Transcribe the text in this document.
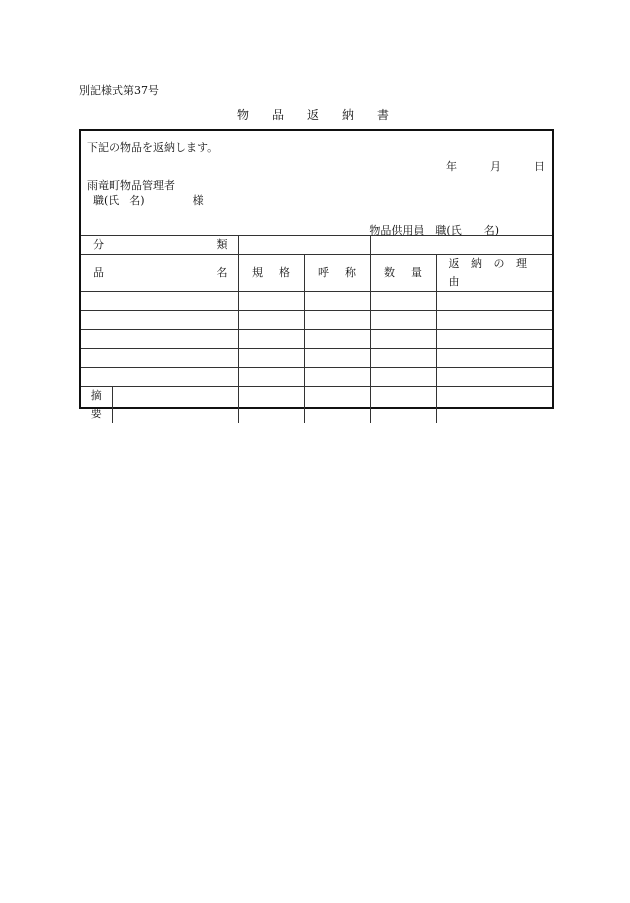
別記様式第37号
物	品	返	納	書
下記の物品を返納します。
年	月	日
雨竜町物品管理者
職(氏 名)	様
物品供用員　職(氏　　名)
分 類					

品 名		規 格	呼 称	数 量	返 納 の 理 由

摘
要					
